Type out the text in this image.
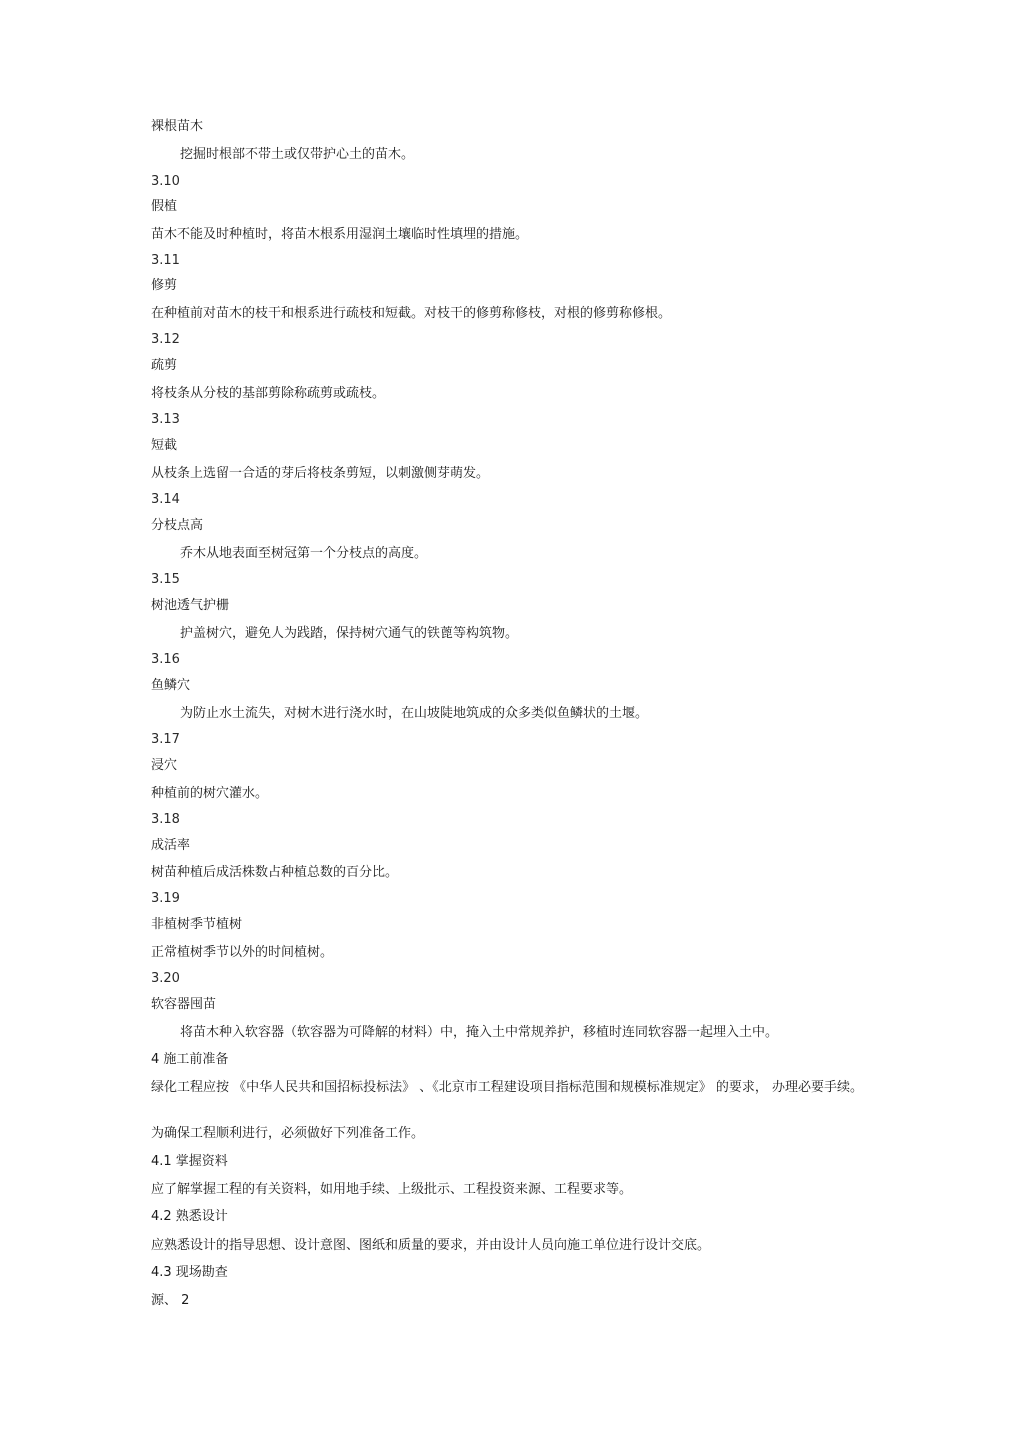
裸根苗木
挖掘时根部不带土或仅带护心土的苗木。
3.10
假植
苗木不能及时种植时，将苗木根系用湿润土壤临时性填埋的措施。
3.11
修剪
在种植前对苗木的枝干和根系进行疏枝和短截。对枝干的修剪称修枝，对根的修剪称修根。
3.12
疏剪
将枝条从分枝的基部剪除称疏剪或疏枝。
3.13
短截
从枝条上选留一合适的芽后将枝条剪短，以刺激侧芽萌发。
3.14
分枝点高
乔木从地表面至树冠第一个分枝点的高度。
3.15
树池透气护栅
护盖树穴，避免人为践踏，保持树穴通气的铁蓖等构筑物。
3.16
鱼鳞穴
为防止水土流失，对树木进行浇水时，在山坡陡地筑成的众多类似鱼鳞状的土堰。
3.17
浸穴
种植前的树穴灌水。
3.18
成活率
树苗种植后成活株数占种植总数的百分比。
3.19
非植树季节植树
正常植树季节以外的时间植树。
3.20
软容器囤苗
将苗木种入软容器（软容器为可降解的材料）中，掩入土中常规养护，移植时连同软容器一起埋入土中。
4 施工前准备
绿化工程应按 《中华人民共和国招标投标法》 、《北京市工程建设项目指标范围和规模标准规定》 的要求， 办理必要手续。
为确保工程顺利进行，必须做好下列准备工作。
4.1 掌握资料
应了解掌握工程的有关资料，如用地手续、上级批示、工程投资来源、工程要求等。
4.2 熟悉设计
应熟悉设计的指导思想、设计意图、图纸和质量的要求，并由设计人员向施工单位进行设计交底。
4.3 现场勘查
源、 2
